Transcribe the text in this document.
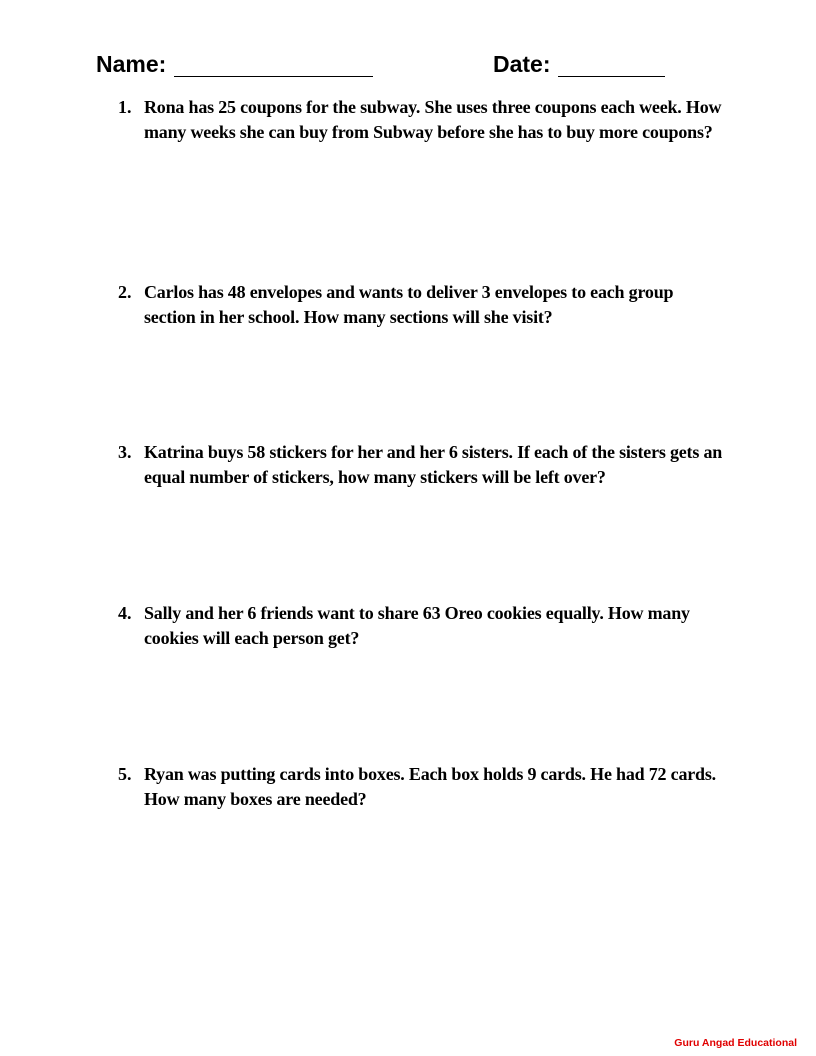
Name:	Date:
1. Rona has 25 coupons for the subway. She uses three coupons each week. How many weeks she can buy from Subway before she has to buy more coupons?
2. Carlos has 48 envelopes and wants to deliver 3 envelopes to each group section in her school. How many sections will she visit?
3. Katrina buys 58 stickers for her and her 6 sisters. If each of the sisters gets an equal number of stickers, how many stickers will be left over?
4. Sally and her 6 friends want to share 63 Oreo cookies equally. How many cookies will each person get?
5. Ryan was putting cards into boxes. Each box holds 9 cards. He had 72 cards. How many boxes are needed?
Guru Angad Educational
